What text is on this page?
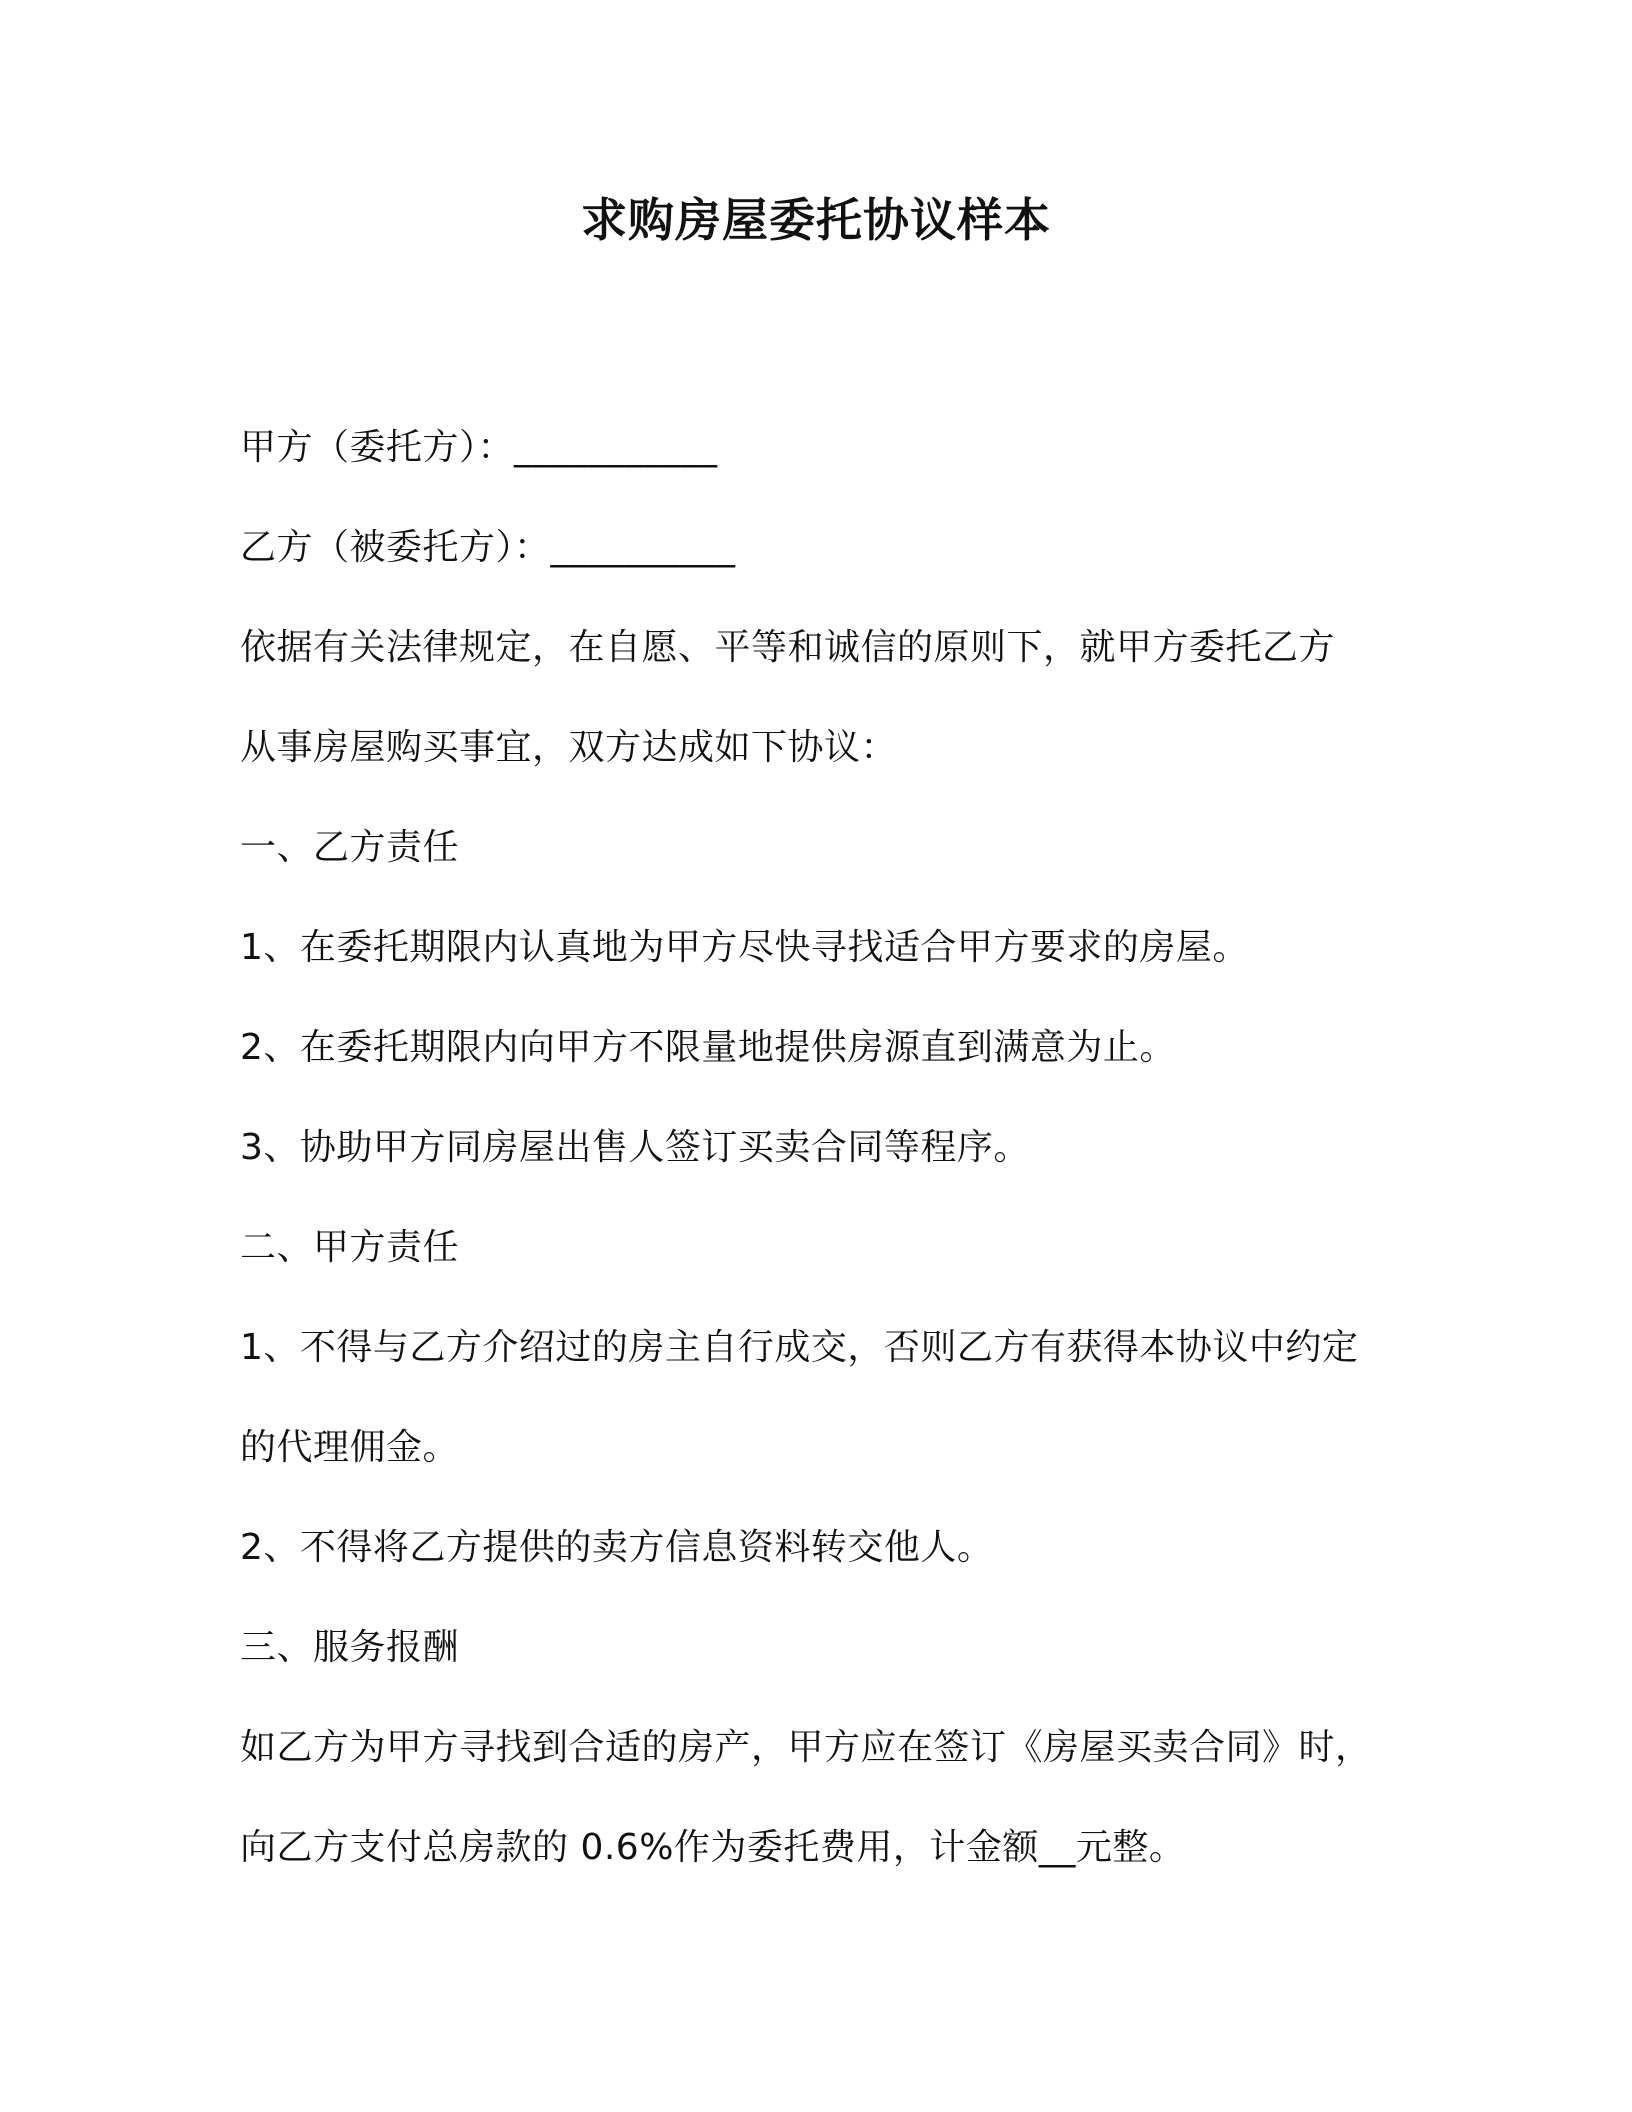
求购房屋委托协议样本
甲方（委托方）：___________
乙方（被委托方）：__________
依据有关法律规定，在自愿、平等和诚信的原则下，就甲方委托乙方
从事房屋购买事宜，双方达成如下协议：
一、乙方责任
1、在委托期限内认真地为甲方尽快寻找适合甲方要求的房屋。
2、在委托期限内向甲方不限量地提供房源直到满意为止。
3、协助甲方同房屋出售人签订买卖合同等程序。
二、甲方责任
1、不得与乙方介绍过的房主自行成交，否则乙方有获得本协议中约定
的代理佣金。
2、不得将乙方提供的卖方信息资料转交他人。
三、服务报酬
如乙方为甲方寻找到合适的房产，甲方应在签订《房屋买卖合同》时，
向乙方支付总房款的 0.6%作为委托费用，计金额__元整。
